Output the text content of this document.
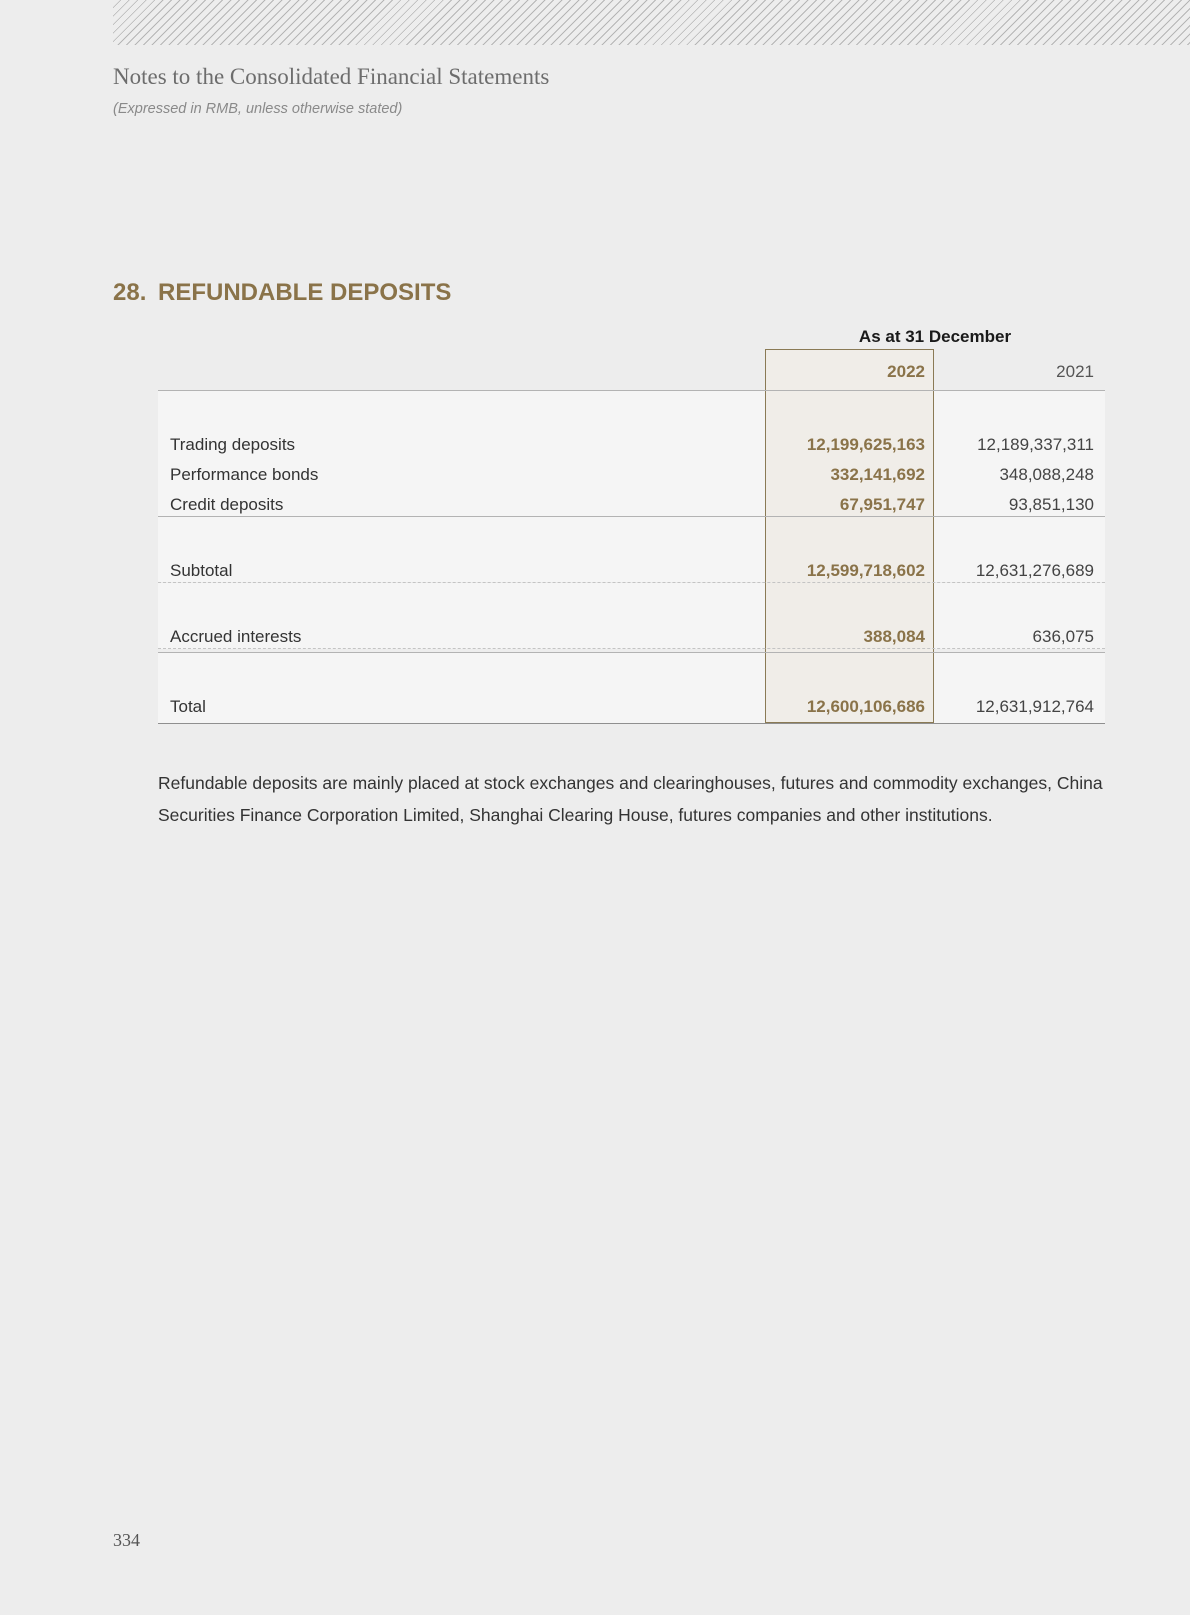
Notes to the Consolidated Financial Statements
(Expressed in RMB, unless otherwise stated)
28. REFUNDABLE DEPOSITS
As at 31 December
2022	2021
Trading deposits	12,199,625,163	12,189,337,311
Performance bonds	332,141,692	348,088,248
Credit deposits	67,951,747	93,851,130
Subtotal	12,599,718,602	12,631,276,689
Accrued interests	388,084	636,075
Total	12,600,106,686	12,631,912,764
Refundable deposits are mainly placed at stock exchanges and clearinghouses, futures and commodity exchanges, China Securities Finance Corporation Limited, Shanghai Clearing House, futures companies and other institutions.
334
